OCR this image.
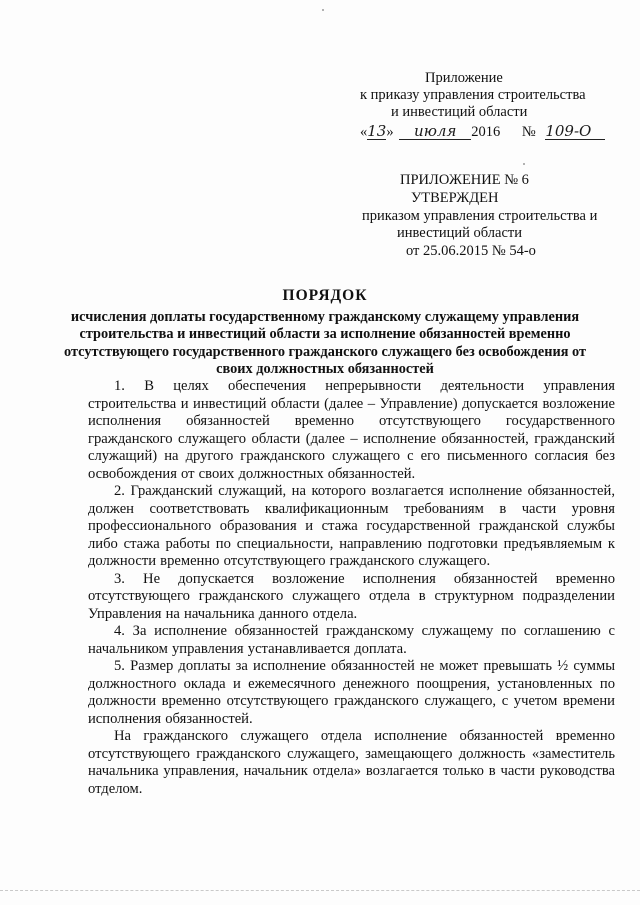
Приложение
к приказу управления строительства
и инвестиций области
«13» июля 2016 № 109-О
ПРИЛОЖЕНИЕ № 6
УТВЕРЖДЕН
приказом управления строительства и
инвестиций области
от 25.06.2015 № 54-о

ПОРЯДОК

исчисления доплаты государственному гражданскому служащему управления строительства и инвестиций области за исполнение обязанностей временно отсутствующего государственного гражданского служащего без освобождения от своих должностных обязанностей

1. В целях обеспечения непрерывности деятельности управления строительства и инвестиций области (далее – Управление) допускается возложение исполнения обязанностей временно отсутствующего государственного гражданского служащего области (далее – исполнение обязанностей, гражданский служащий) на другого гражданского служащего с его письменного согласия без освобождения от своих должностных обязанностей.

2. Гражданский служащий, на которого возлагается исполнение обязанностей, должен соответствовать квалификационным требованиям в части уровня профессионального образования и стажа государственной гражданской службы либо стажа работы по специальности, направлению подготовки предъявляемым к должности временно отсутствующего гражданского служащего.

3. Не допускается возложение исполнения обязанностей временно отсутствующего гражданского служащего отдела в структурном подразделении Управления на начальника данного отдела.

4. За исполнение обязанностей гражданскому служащему по соглашению с начальником управления устанавливается доплата.

5. Размер доплаты за исполнение обязанностей не может превышать ½ суммы должностного оклада и ежемесячного денежного поощрения, установленных по должности временно отсутствующего гражданского служащего, с учетом времени исполнения обязанностей.

На гражданского служащего отдела исполнение обязанностей временно отсутствующего гражданского служащего, замещающего должность «заместитель начальника управления, начальник отдела» возлагается только в части руководства отделом.
